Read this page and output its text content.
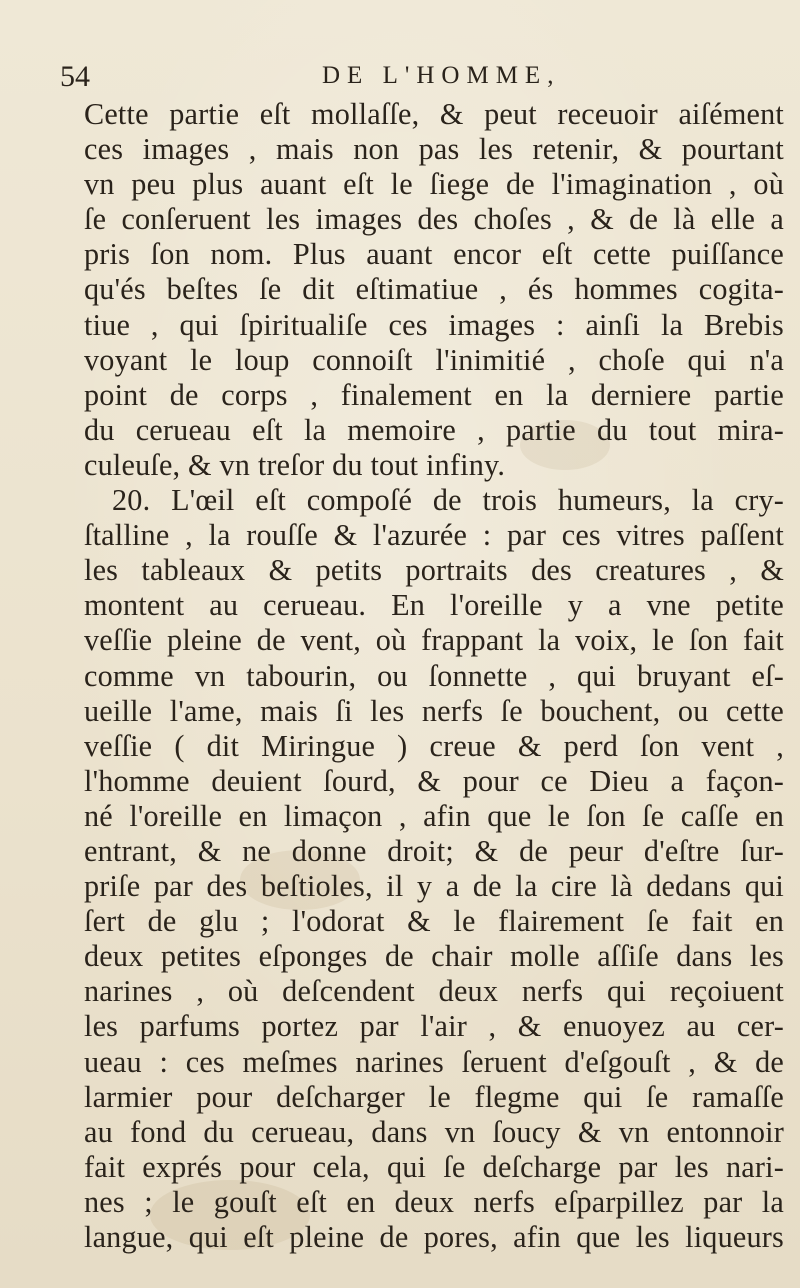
54	DE L'HOMME,
Cette partie eſt mollaſſe, & peut receuoir aiſément
ces images , mais non pas les retenir, & pourtant
vn peu plus auant eſt le ſiege de l'imagination , où
ſe conſeruent les images des choſes , & de là elle a
pris ſon nom. Plus auant encor eſt cette puiſſance
qu'és beſtes ſe dit eſtimatiue , és hommes cogita-
tiue , qui ſpiritualiſe ces images : ainſi la Brebis
voyant le loup connoiſt l'inimitié , choſe qui n'a
point de corps , finalement en la derniere partie
du cerueau eſt la memoire , partie du tout mira-
culeuſe, & vn treſor du tout infiny.
20. L'œil eſt compoſé de trois humeurs, la cry-
ſtalline , la rouſſe & l'azurée : par ces vitres paſſent
les tableaux & petits portraits des creatures , &
montent au cerueau. En l'oreille y a vne petite
veſſie pleine de vent, où frappant la voix, le ſon fait
comme vn tabourin, ou ſonnette , qui bruyant eſ-
ueille l'ame, mais ſi les nerfs ſe bouchent, ou cette
veſſie ( dit Miringue ) creue & perd ſon vent ,
l'homme deuient ſourd, & pour ce Dieu a façon-
né l'oreille en limaçon , afin que le ſon ſe caſſe en
entrant, & ne donne droit; & de peur d'eſtre ſur-
priſe par des beſtioles, il y a de la cire là dedans qui
ſert de glu ; l'odorat & le flairement ſe fait en
deux petites eſponges de chair molle aſſiſe dans les
narines , où deſcendent deux nerfs qui reçoiuent
les parfums portez par l'air , & enuoyez au cer-
ueau : ces meſmes narines ſeruent d'eſgouſt , & de
larmier pour deſcharger le flegme qui ſe ramaſſe
au fond du cerueau, dans vn ſoucy & vn entonnoir
fait exprés pour cela, qui ſe deſcharge par les nari-
nes ; le gouſt eſt en deux nerfs eſparpillez par la
langue, qui eſt pleine de pores, afin que les liqueurs
